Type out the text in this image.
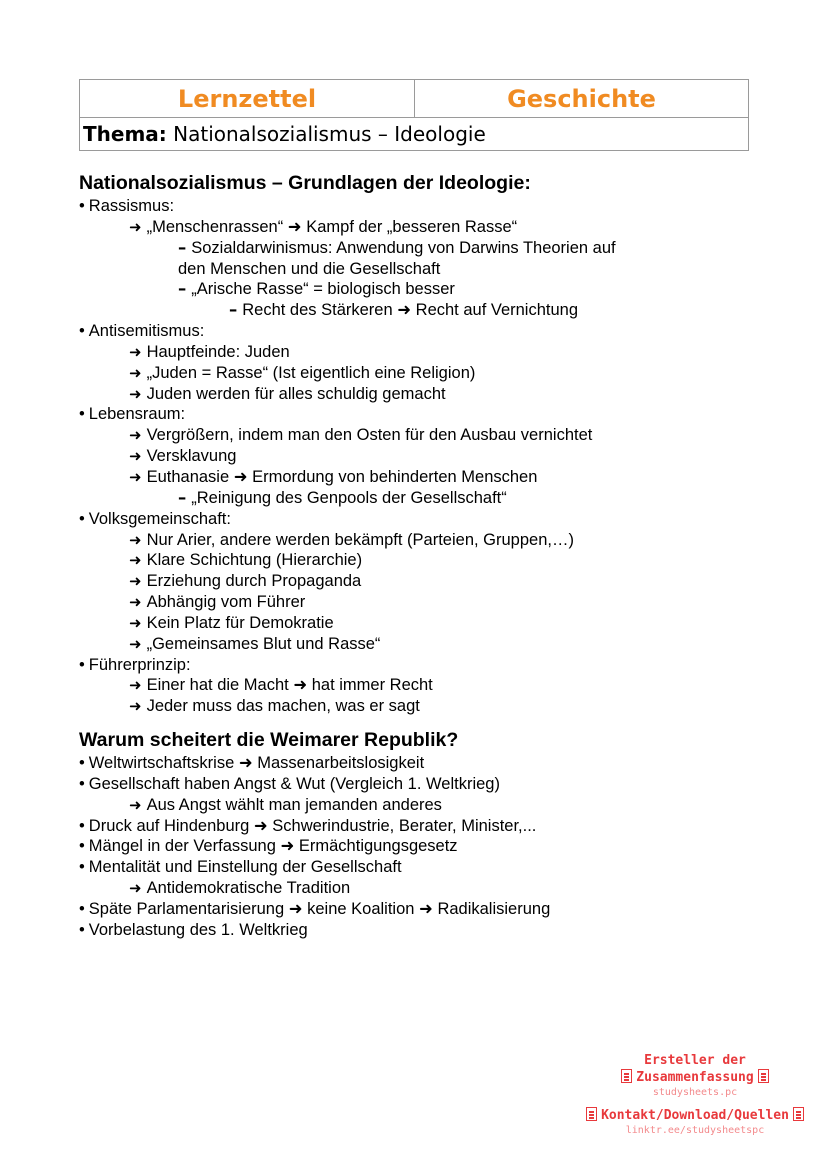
Lernzettel	Geschichte
Thema: Nationalsozialismus – Ideologie
Nationalsozialismus – Grundlagen der Ideologie:
• Rassismus:
➜ „Menschenrassen“ ➜ Kampf der „besseren Rasse“
– Sozialdarwinismus: Anwendung von Darwins Theorien auf
den Menschen und die Gesellschaft
– „Arische Rasse“ = biologisch besser
– Recht des Stärkeren ➜ Recht auf Vernichtung
• Antisemitismus:
➜ Hauptfeinde: Juden
➜ „Juden = Rasse“ (Ist eigentlich eine Religion)
➜ Juden werden für alles schuldig gemacht
• Lebensraum:
➜ Vergrößern, indem man den Osten für den Ausbau vernichtet
➜ Versklavung
➜ Euthanasie ➜ Ermordung von behinderten Menschen
– „Reinigung des Genpools der Gesellschaft“
• Volksgemeinschaft:
➜ Nur Arier, andere werden bekämpft (Parteien, Gruppen,…)
➜ Klare Schichtung (Hierarchie)
➜ Erziehung durch Propaganda
➜ Abhängig vom Führer
➜ Kein Platz für Demokratie
➜ „Gemeinsames Blut und Rasse“
• Führerprinzip:
➜ Einer hat die Macht ➜ hat immer Recht
➜ Jeder muss das machen, was er sagt
Warum scheitert die Weimarer Republik?
• Weltwirtschaftskrise ➜ Massenarbeitslosigkeit
• Gesellschaft haben Angst & Wut (Vergleich 1. Weltkrieg)
➜ Aus Angst wählt man jemanden anderes
• Druck auf Hindenburg ➜ Schwerindustrie, Berater, Minister,...
• Mängel in der Verfassung ➜ Ermächtigungsgesetz
• Mentalität und Einstellung der Gesellschaft
➜ Antidemokratische Tradition
• Späte Parlamentarisierung ➜ keine Koalition ➜ Radikalisierung
• Vorbelastung des 1. Weltkrieg
Ersteller der
Zusammenfassung
studysheets.pc
Kontakt/Download/Quellen
linktr.ee/studysheetspc
